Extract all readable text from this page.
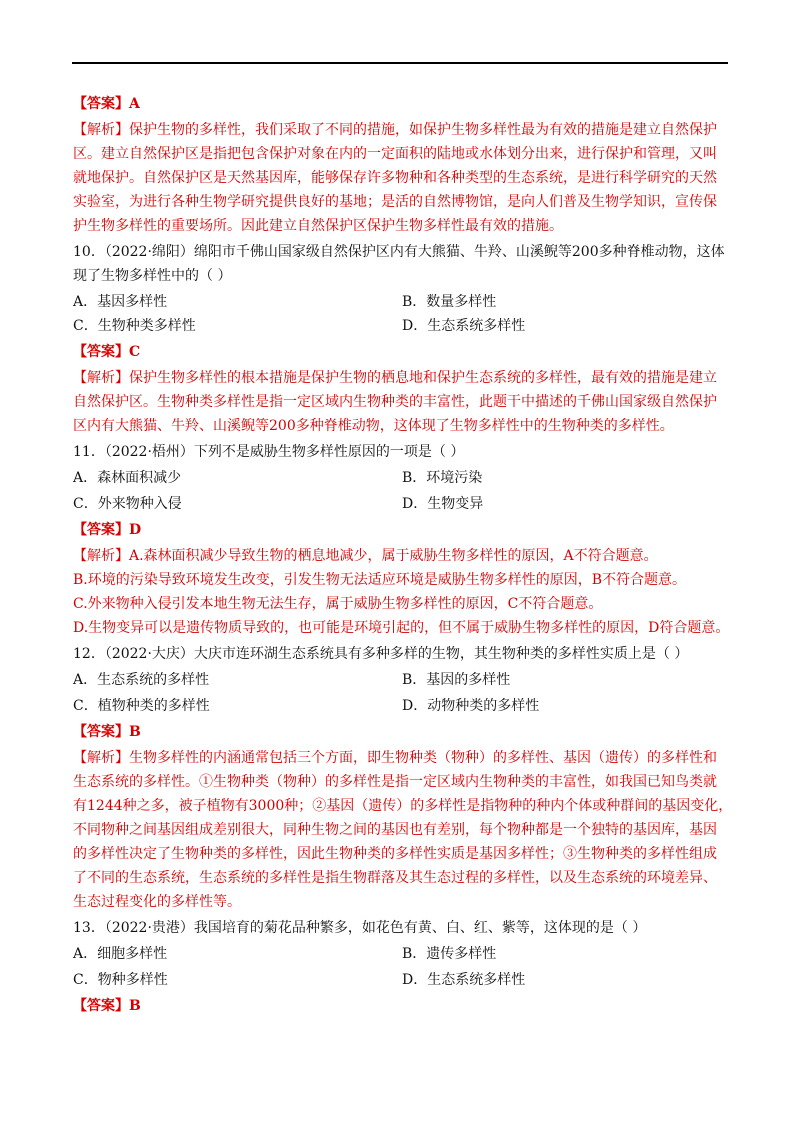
【答案】A
【解析】保护生物的多样性，我们采取了不同的措施，如保护生物多样性最为有效的措施是建立自然保护
区。建立自然保护区是指把包含保护对象在内的一定面积的陆地或水体划分出来，进行保护和管理，又叫
就地保护。自然保护区是天然基因库，能够保存许多物种和各种类型的生态系统，是进行科学研究的天然
实验室，为进行各种生物学研究提供良好的基地；是活的自然博物馆，是向人们普及生物学知识，宣传保
护生物多样性的重要场所。因此建立自然保护区保护生物多样性最有效的措施。
10．（2022·绵阳）绵阳市千佛山国家级自然保护区内有大熊猫、牛羚、山溪鲵等200多种脊椎动物，这体
现了生物多样性中的（ ）
A．基因多样性	B．数量多样性
C．生物种类多样性	D．生态系统多样性
【答案】C
【解析】保护生物多样性的根本措施是保护生物的栖息地和保护生态系统的多样性，最有效的措施是建立
自然保护区。生物种类多样性是指一定区域内生物种类的丰富性，此题干中描述的千佛山国家级自然保护
区内有大熊猫、牛羚、山溪鲵等200多种脊椎动物，这体现了生物多样性中的生物种类的多样性。
11．（2022·梧州）下列不是威胁生物多样性原因的一项是（ ）
A．森林面积减少	B．环境污染
C．外来物种入侵	D．生物变异
【答案】D
【解析】A.森林面积减少导致生物的栖息地减少，属于威胁生物多样性的原因，A不符合题意。
B.环境的污染导致环境发生改变，引发生物无法适应环境是威胁生物多样性的原因，B不符合题意。
C.外来物种入侵引发本地生物无法生存，属于威胁生物多样性的原因，C不符合题意。
D.生物变异可以是遗传物质导致的，也可能是环境引起的，但不属于威胁生物多样性的原因，D符合题意。
12．（2022·大庆）大庆市连环湖生态系统具有多种多样的生物，其生物种类的多样性实质上是（ ）
A．生态系统的多样性	B．基因的多样性
C．植物种类的多样性	D．动物种类的多样性
【答案】B
【解析】生物多样性的内涵通常包括三个方面，即生物种类（物种）的多样性、基因（遗传）的多样性和
生态系统的多样性。①生物种类（物种）的多样性是指一定区域内生物种类的丰富性，如我国已知鸟类就
有1244种之多，被子植物有3000种；②基因（遗传）的多样性是指物种的种内个体或种群间的基因变化，
不同物种之间基因组成差别很大，同种生物之间的基因也有差别，每个物种都是一个独特的基因库，基因
的多样性决定了生物种类的多样性，因此生物种类的多样性实质是基因多样性；③生物种类的多样性组成
了不同的生态系统，生态系统的多样性是指生物群落及其生态过程的多样性，以及生态系统的环境差异、
生态过程变化的多样性等。
13．（2022·贵港）我国培育的菊花品种繁多，如花色有黄、白、红、紫等，这体现的是（ ）
A．细胞多样性	B．遗传多样性
C．物种多样性	D．生态系统多样性
【答案】B
